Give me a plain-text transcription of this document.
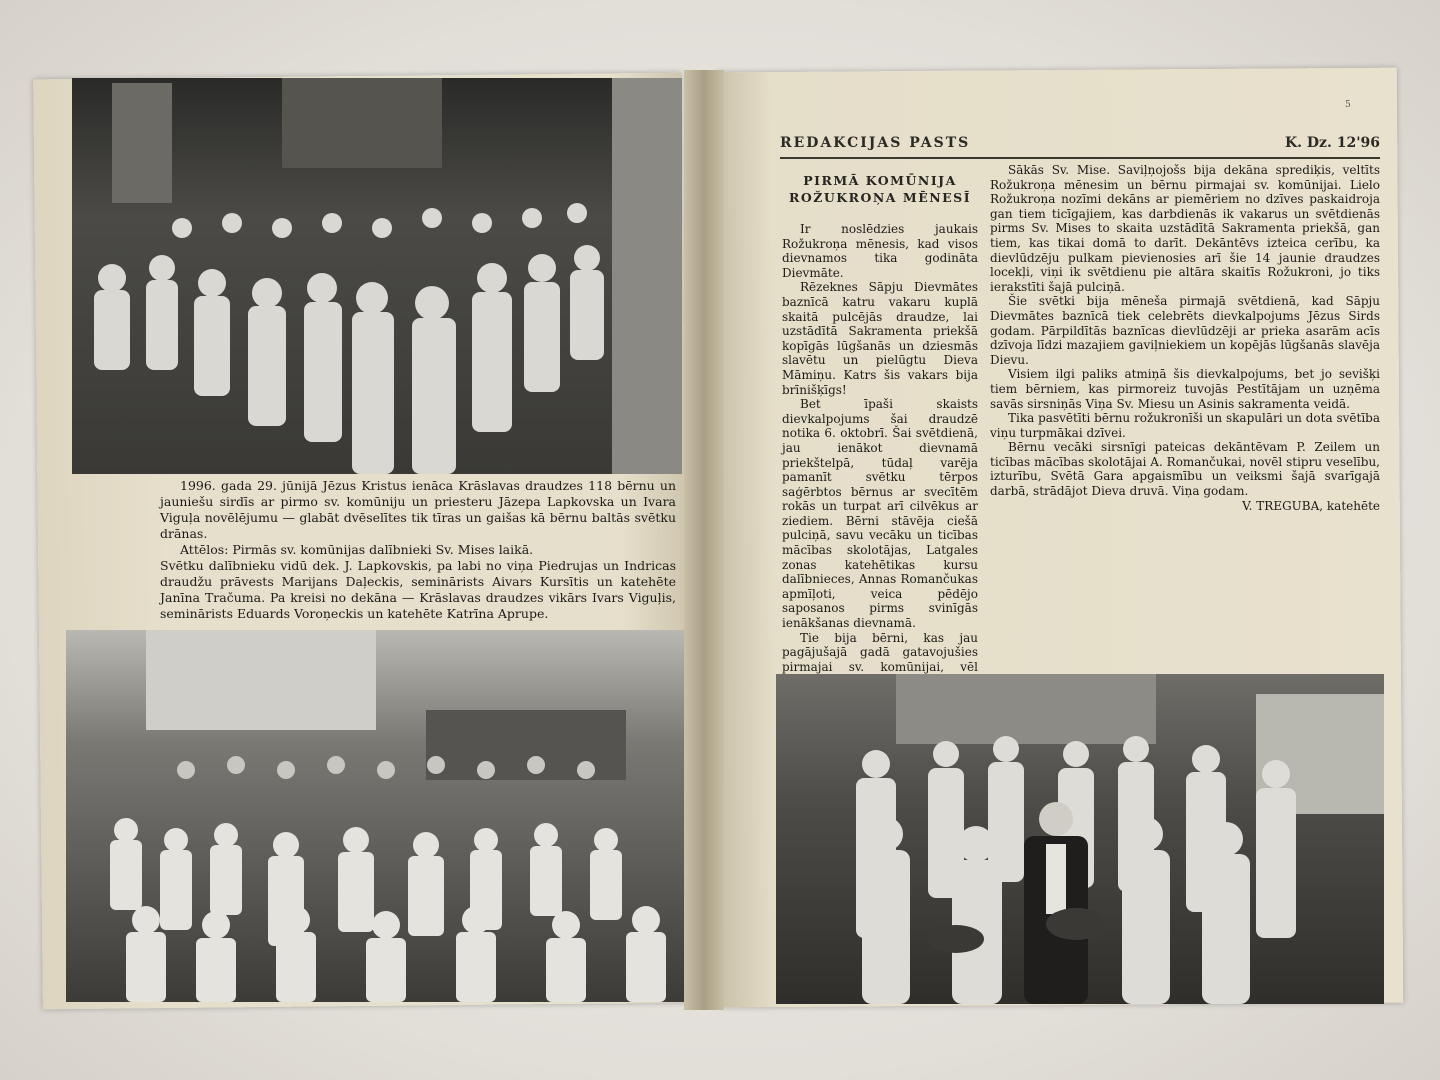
1996. gada 29. jūnijā Jēzus Kristus ienāca Krāslavas draudzes 118 bērnu un jauniešu sirdīs ar pirmo sv. komūniju un priesteru Jāzepa Lapkovska un Ivara Viguļa novēlējumu — glabāt dvēselītes tik tīras un gaišas kā bērnu baltās svētku drānas.

Attēlos: Pirmās sv. komūnijas dalībnieki Sv. Mises laikā.

Svētku dalībnieku vidū dek. J. Lapkovskis, pa labi no viņa Piedrujas un Indricas draudžu prāvests Marijans Daļeckis, seminārists Aivars Kursītis un katehēte Janīna Tračuma. Pa kreisi no dekāna — Krāslavas draudzes vikārs Ivars Viguļis, seminārists Eduards Voroņeckis un katehēte Katrīna Aprupe.

5
REDAKCIJAS PASTS	K. Dz. 12'96
PIRMĀ KOMŪNIJA
ROŽUKROŅA MĒNESĪ

Ir noslēdzies jaukais Rožukroņa mēnesis, kad visos dievnamos tika godināta Dievmāte.

Rēzeknes Sāpju Dievmātes baznīcā katru vakaru kuplā skaitā pulcējās draudze, lai uzstādītā Sakramenta priekšā kopīgās lūgšanās un dziesmās slavētu un pielūgtu Dieva Māmiņu. Katrs šis vakars bija brīnišķīgs!

Bet īpaši skaists dievkalpojums šai draudzē notika 6. oktobrī. Šai svētdienā, jau ienākot dievnamā priekštelpā, tūdaļ varēja pamanīt svētku tērpos saģērbtos bērnus ar svecītēm rokās un turpat arī cilvēkus ar ziediem. Bērni stāvēja ciešā pulciņā, savu vecāku un ticības mācības skolotājas, Latgales zonas katehētikas kursu dalībnieces, Annas Romančukas apmīļoti, veica pēdējo saposanos pirms svinīgās ienākšanas dievnamā.

Tie bija bērni, kas jau pagājušajā gadā gatavojušies pirmajai sv. komūnijai, vēl

Sākās Sv. Mise. Saviļņojošs bija dekāna sprediķis, veltīts Rožukroņa mēnesim un bērnu pirmajai sv. komūnijai. Lielo Rožukroņa nozīmi dekāns ar piemēriem no dzīves paskaidroja gan tiem ticīgajiem, kas darbdienās ik vakarus un svētdienās pirms Sv. Mises to skaita uzstādītā Sakramenta priekšā, gan tiem, kas tikai domā to darīt. Dekāntēvs izteica cerību, ka dievlūdzēju pulkam pievienosies arī šie 14 jaunie draudzes locekļi, viņi ik svētdienu pie altāra skaitīs Rožukroni, jo tiks ierakstīti šajā pulciņā.

Šie svētki bija mēneša pirmajā svētdienā, kad Sāpju Dievmātes baznīcā tiek celebrēts dievkalpojums Jēzus Sirds godam. Pārpildītās baznīcas dievlūdzēji ar prieka asarām acīs dzīvoja līdzi mazajiem gaviļniekiem un kopējās lūgšanās slavēja Dievu.

Visiem ilgi paliks atmiņā šis dievkalpojums, bet jo sevišķi tiem bērniem, kas pirmoreiz tuvojās Pestītājam un uzņēma savās sirsniņās Viņa Sv. Miesu un Asinis sakramenta veidā.

Tika pasvētīti bērnu rožukronīši un skapulāri un dota svētība viņu turpmākai dzīvei.

Bērnu vecāki sirsnīgi pateicas dekāntēvam P. Zeilem un ticības mācības skolotājai A. Romančukai, novēl stipru veselību, izturību, Svētā Gara apgaismību un veiksmi šajā svarīgajā darbā, strādājot Dieva druvā. Viņa godam.

V. TREGUBA, katehēte
